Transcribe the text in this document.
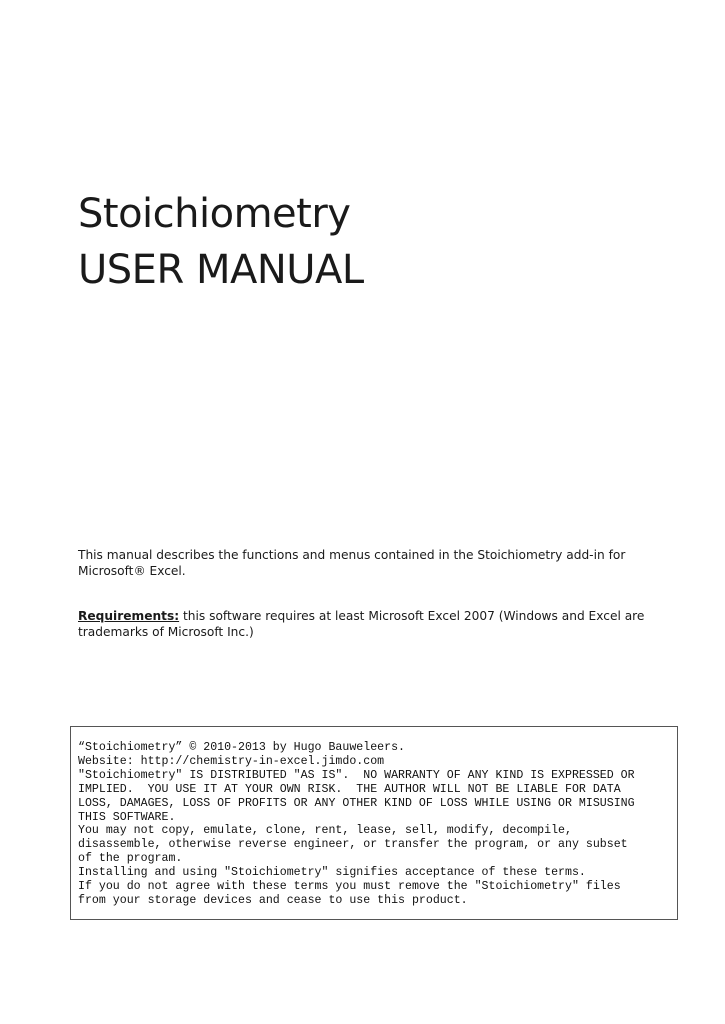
Stoichiometry
USER MANUAL
This manual describes the functions and menus contained in the Stoichiometry add-in for Microsoft® Excel.
Requirements: this software requires at least Microsoft Excel 2007 (Windows and Excel are trademarks of Microsoft Inc.)
“Stoichiometry” © 2010-2013 by Hugo Bauweleers.
Website: http://chemistry-in-excel.jimdo.com
"Stoichiometry" IS DISTRIBUTED "AS IS".  NO WARRANTY OF ANY KIND IS EXPRESSED OR
IMPLIED.  YOU USE IT AT YOUR OWN RISK.  THE AUTHOR WILL NOT BE LIABLE FOR DATA
LOSS, DAMAGES, LOSS OF PROFITS OR ANY OTHER KIND OF LOSS WHILE USING OR MISUSING
THIS SOFTWARE.
You may not copy, emulate, clone, rent, lease, sell, modify, decompile,
disassemble, otherwise reverse engineer, or transfer the program, or any subset
of the program.
Installing and using "Stoichiometry" signifies acceptance of these terms.
If you do not agree with these terms you must remove the "Stoichiometry" files
from your storage devices and cease to use this product.
